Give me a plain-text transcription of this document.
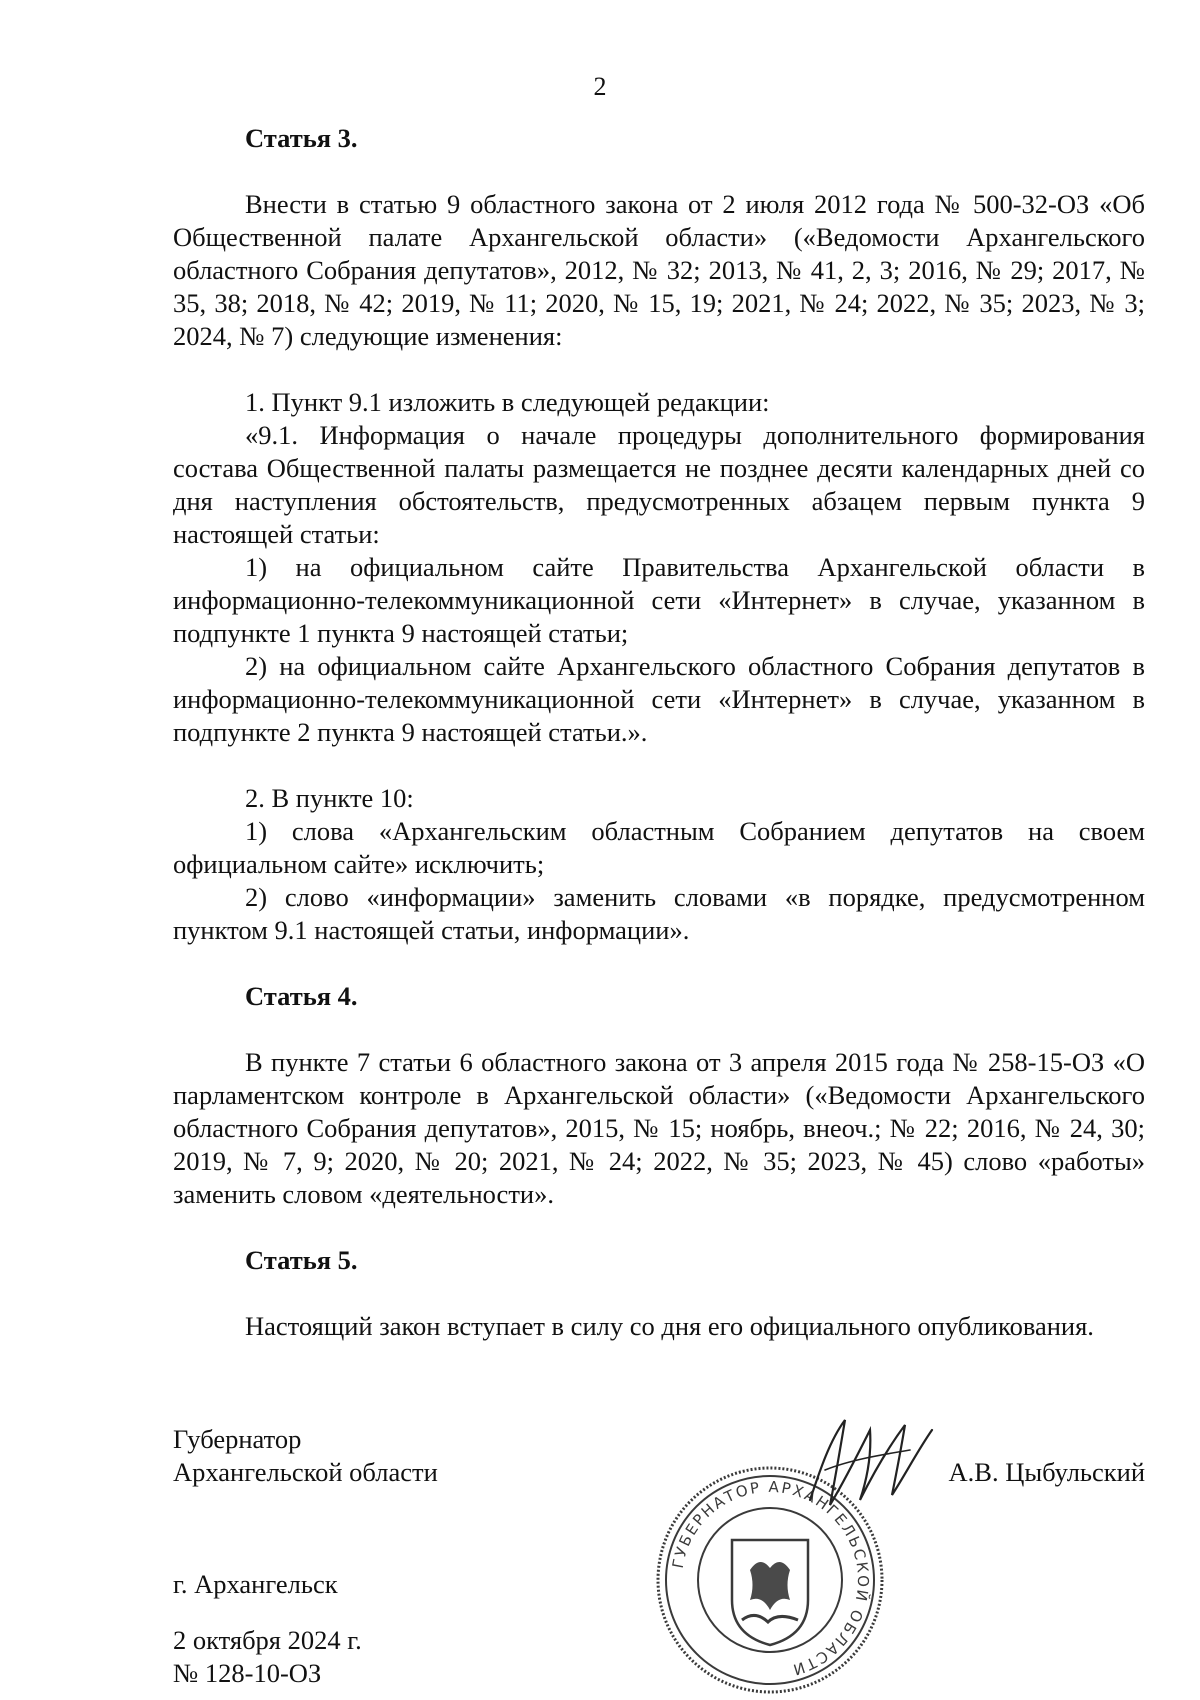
2

Статья 3.

Внести в статью 9 областного закона от 2 июля 2012 года № 500-32-ОЗ «Об Общественной палате Архангельской области» («Ведомости Архангельского областного Собрания депутатов», 2012, № 32; 2013, № 41, 2, 3; 2016, № 29; 2017, № 35, 38; 2018, № 42; 2019, № 11; 2020, № 15, 19; 2021, № 24; 2022, № 35; 2023, № 3; 2024, № 7) следующие изменения:

1. Пункт 9.1 изложить в следующей редакции:

«9.1. Информация о начале процедуры дополнительного формирования состава Общественной палаты размещается не позднее десяти календарных дней со дня наступления обстоятельств, предусмотренных абзацем первым пункта 9 настоящей статьи:

1) на официальном сайте Правительства Архангельской области в информационно-телекоммуникационной сети «Интернет» в случае, указанном в подпункте 1 пункта 9 настоящей статьи;

2) на официальном сайте Архангельского областного Собрания депутатов в информационно-телекоммуникационной сети «Интернет» в случае, указанном в подпункте 2 пункта 9 настоящей статьи.».

2. В пункте 10:

1) слова «Архангельским областным Собранием депутатов на своем официальном сайте» исключить;

2) слово «информации» заменить словами «в порядке, предусмотренном пунктом 9.1 настоящей статьи, информации».

Статья 4.

В пункте 7 статьи 6 областного закона от 3 апреля 2015 года № 258-15-ОЗ «О парламентском контроле в Архангельской области» («Ведомости Архангельского областного Собрания депутатов», 2015, № 15; ноябрь, внеоч.; № 22; 2016, № 24, 30; 2019, № 7, 9; 2020, № 20; 2021, № 24; 2022, № 35; 2023, № 45) слово «работы» заменить словом «деятельности».

Статья 5.

Настоящий закон вступает в силу со дня его официального опубликования.

Губернатор
Архангельской области	А.В. Цыбульский
ГУБЕРНАТОР АРХАНГЕЛЬСКОЙ ОБЛАСТИ
г. Архангельск
2 октября 2024 г.
№ 128-10-ОЗ
